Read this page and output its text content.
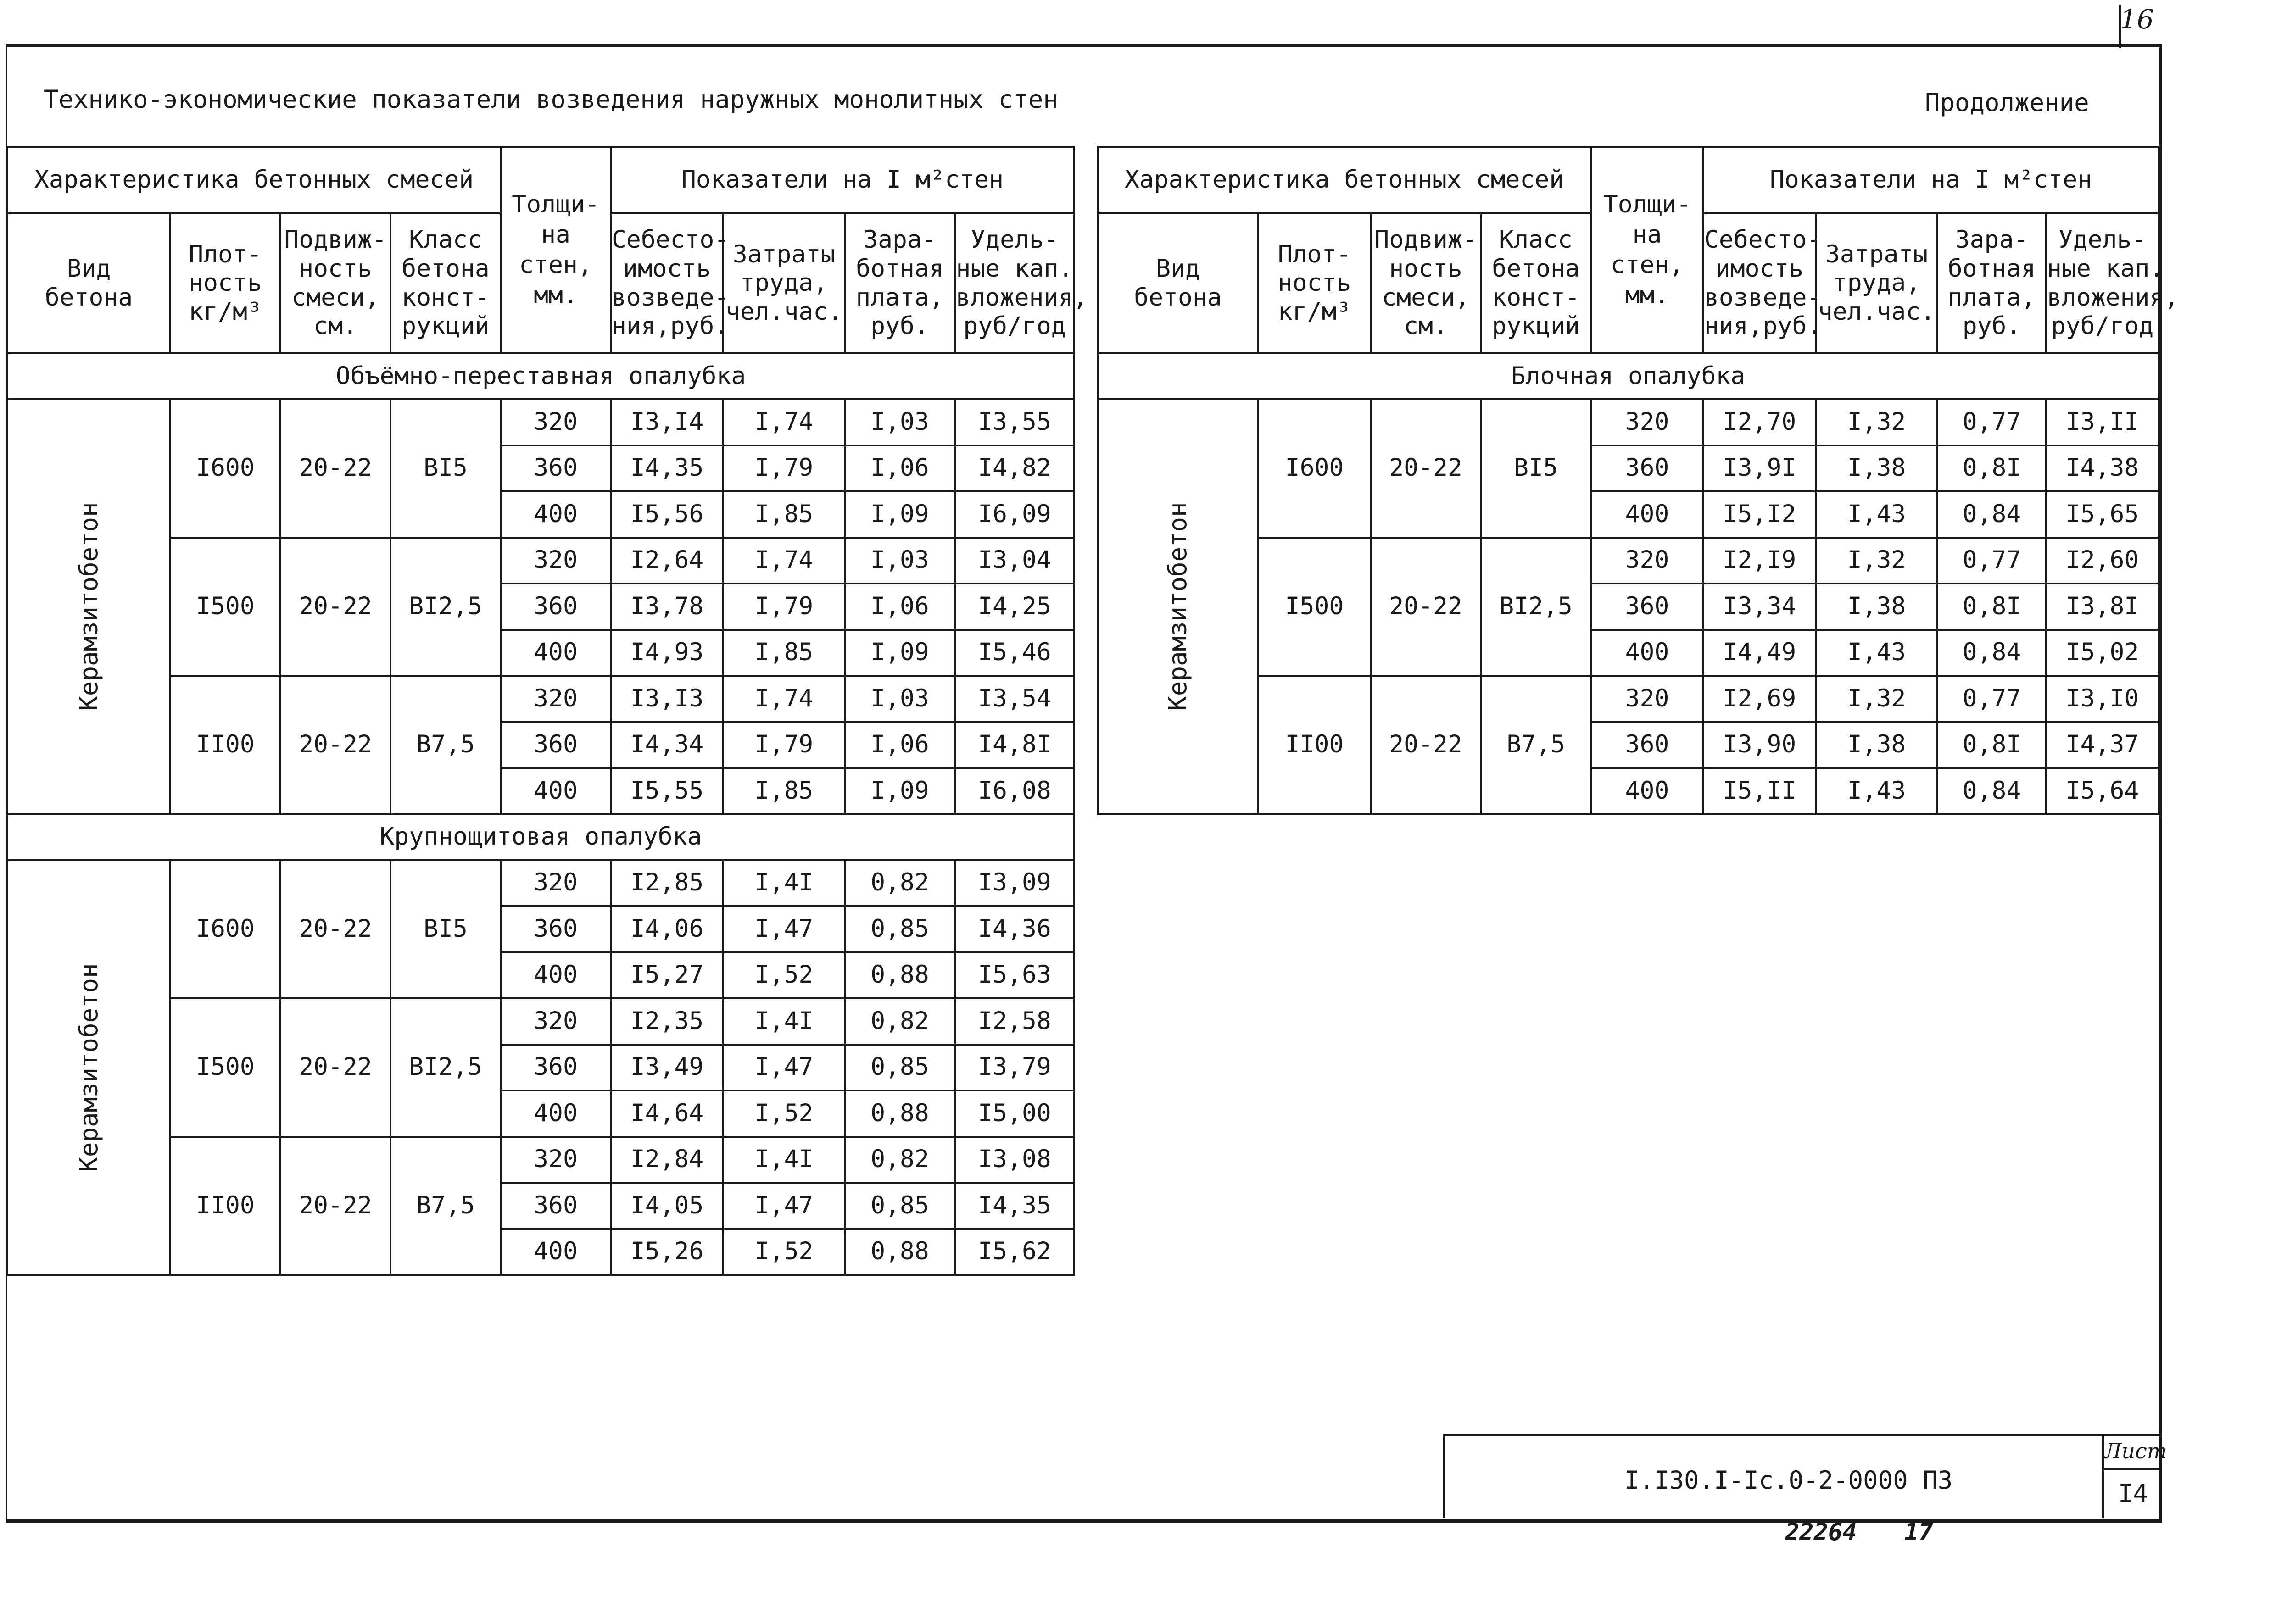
16
Технико-экономические показатели возведения наружных монолитных стен	Продолжение
Характеристика бетонных смесей				Толщи-
на
стен,
мм.	Показатели на I м²стен			

Вид
бетона	Плот-
ность
кг/м³	Подвиж-
ность
смеси,
см.	Класс
бетона
конст-
рукций		Себесто-
имость
возведе-
ния,руб.	Затраты
труда,
чел.час.	Зара-
ботная
плата,
руб.	Удель-
ные кап.
вложения,
руб/год

Объёмно-переставная опалубка								

Керамзитобетон	I600	20-22	BI5	320	I3,I4	I,74	I,03	I3,55
				360	I4,35	I,79	I,06	I4,82
				400	I5,56	I,85	I,09	I6,09
	I500	20-22	BI2,5	320	I2,64	I,74	I,03	I3,04
				360	I3,78	I,79	I,06	I4,25
				400	I4,93	I,85	I,09	I5,46
	II00	20-22	B7,5	320	I3,I3	I,74	I,03	I3,54
				360	I4,34	I,79	I,06	I4,8I
				400	I5,55	I,85	I,09	I6,08
Крупнощитовая опалубка								

Керамзитобетон	I600	20-22	BI5	320	I2,85	I,4I	0,82	I3,09
				360	I4,06	I,47	0,85	I4,36
				400	I5,27	I,52	0,88	I5,63
	I500	20-22	BI2,5	320	I2,35	I,4I	0,82	I2,58
				360	I3,49	I,47	0,85	I3,79
				400	I4,64	I,52	0,88	I5,00
	II00	20-22	B7,5	320	I2,84	I,4I	0,82	I3,08
				360	I4,05	I,47	0,85	I4,35
				400	I5,26	I,52	0,88	I5,62
Характеристика бетонных смесей				Толщи-
на
стен,
мм.	Показатели на I м²стен			

Вид
бетона	Плот-
ность
кг/м³	Подвиж-
ность
смеси,
см.	Класс
бетона
конст-
рукций		Себесто-
имость
возведе-
ния,руб.	Затраты
труда,
чел.час.	Зара-
ботная
плата,
руб.	Удель-
ные кап.
вложения,
руб/год

Блочная опалубка								

Керамзитобетон	I600	20-22	BI5	320	I2,70	I,32	0,77	I3,II
				360	I3,9I	I,38	0,8I	I4,38
				400	I5,I2	I,43	0,84	I5,65
	I500	20-22	BI2,5	320	I2,I9	I,32	0,77	I2,60
				360	I3,34	I,38	0,8I	I3,8I
				400	I4,49	I,43	0,84	I5,02
	II00	20-22	B7,5	320	I2,69	I,32	0,77	I3,I0
				360	I3,90	I,38	0,8I	I4,37
				400	I5,II	I,43	0,84	I5,64
I.I30.I-Ic.0-2-0000 ПЗ
Лист
I4
22264 17
